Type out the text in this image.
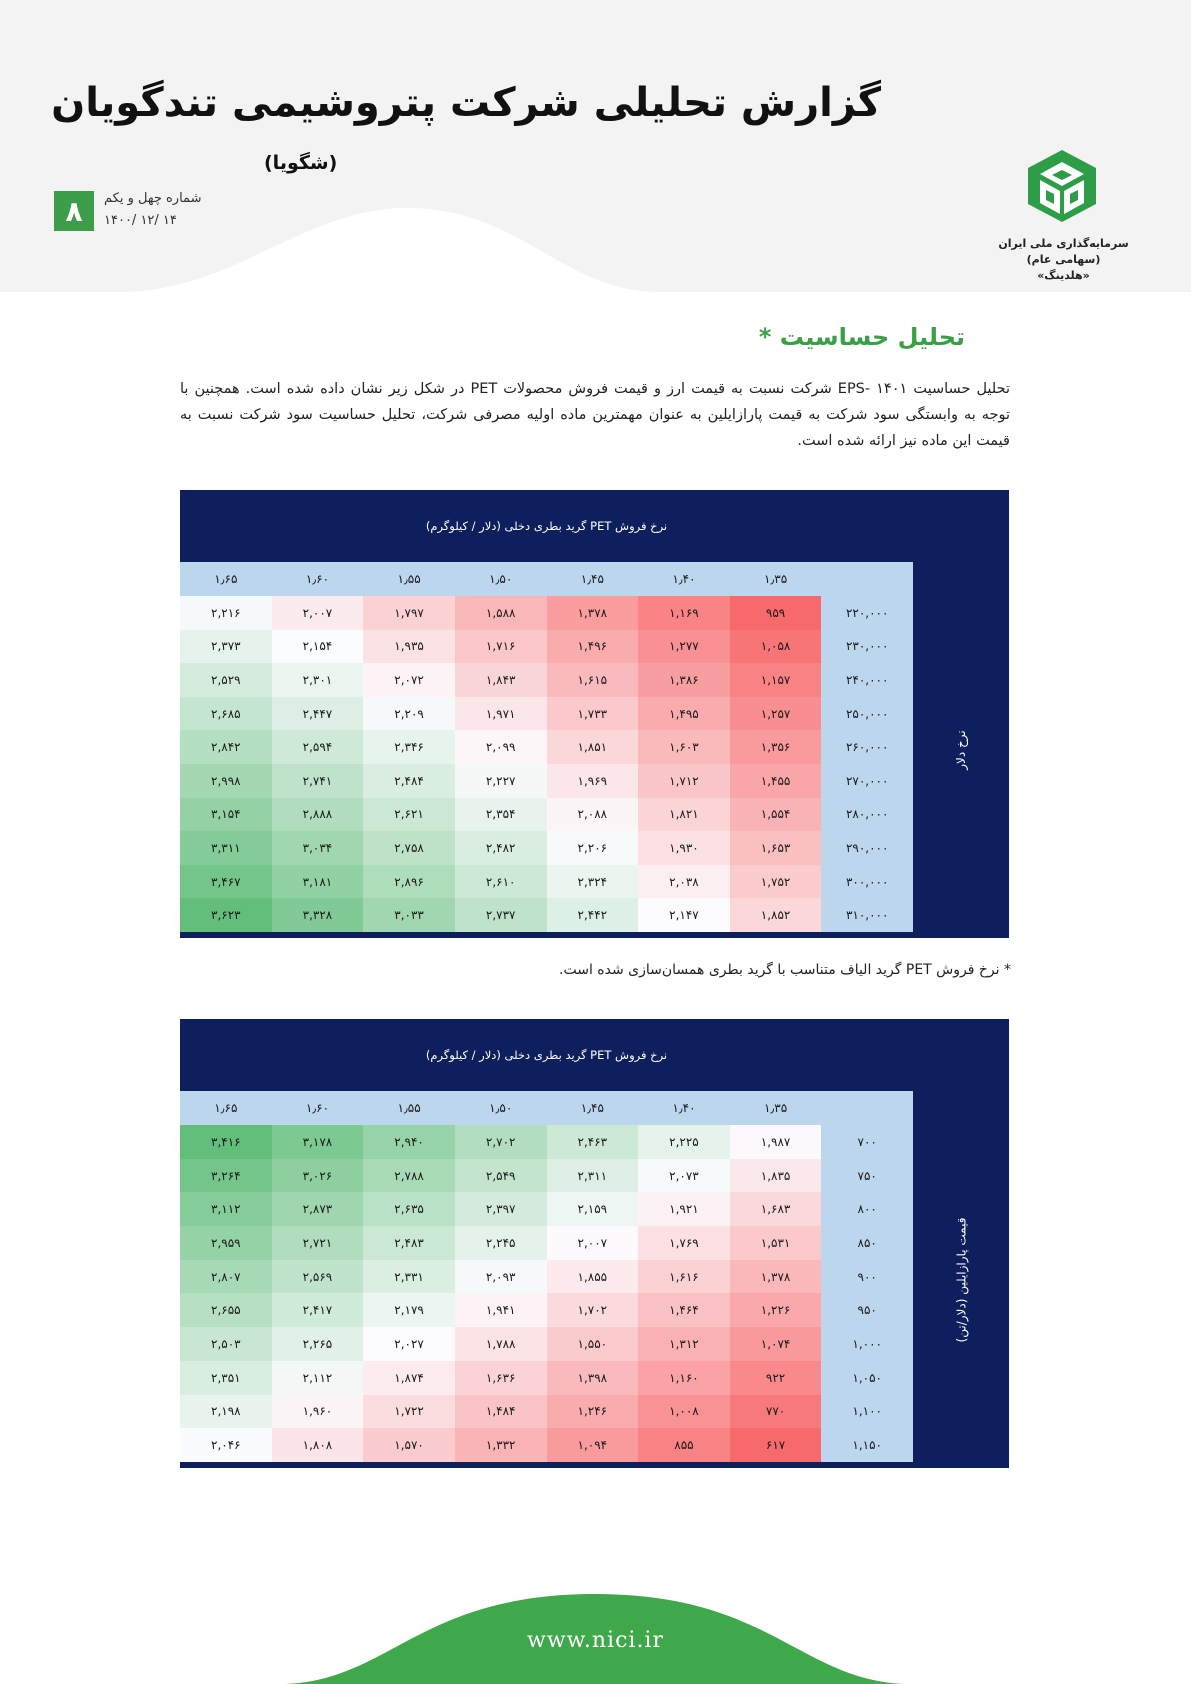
گزارش تحلیلی شرکت پتروشیمی تندگویان
(شگویا)
۸	شماره چهل و یکم
۱۴۰۰/ ۱۲/ ۱۴
سرمایه‌گذاری ملی ایران (سهامی عام)
«هلدینگ»
تحلیل حساسیت *

تحلیل حساسیت EPS- ۱۴۰۱ شرکت نسبت به قیمت ارز و قیمت فروش محصولات PET در شکل زیر نشان داده شده است. همچنین با توجه به وابستگی سود شرکت به قیمت پارازایلین به عنوان مهمترین ماده اولیه مصرفی شرکت، تحلیل حساسیت سود شرکت نسبت به قیمت این ماده نیز ارائه شده است.

نرخ فروش PET گرید بطری دخلی (دلار / کیلوگرم)
نرخ دلار
۱٫۶۵	۱٫۶۰	۱٫۵۵	۱٫۵۰	۱٫۴۵	۱٫۴۰	۱٫۳۵	
۲,۲۱۶	۲,۰۰۷	۱,۷۹۷	۱,۵۸۸	۱,۳۷۸	۱,۱۶۹	۹۵۹	۲۲۰,۰۰۰
۲,۳۷۳	۲,۱۵۴	۱,۹۳۵	۱,۷۱۶	۱,۴۹۶	۱,۲۷۷	۱,۰۵۸	۲۳۰,۰۰۰
۲,۵۲۹	۲,۳۰۱	۲,۰۷۲	۱,۸۴۳	۱,۶۱۵	۱,۳۸۶	۱,۱۵۷	۲۴۰,۰۰۰
۲,۶۸۵	۲,۴۴۷	۲,۲۰۹	۱,۹۷۱	۱,۷۳۳	۱,۴۹۵	۱,۲۵۷	۲۵۰,۰۰۰
۲,۸۴۲	۲,۵۹۴	۲,۳۴۶	۲,۰۹۹	۱,۸۵۱	۱,۶۰۳	۱,۳۵۶	۲۶۰,۰۰۰
۲,۹۹۸	۲,۷۴۱	۲,۴۸۴	۲,۲۲۷	۱,۹۶۹	۱,۷۱۲	۱,۴۵۵	۲۷۰,۰۰۰
۳,۱۵۴	۲,۸۸۸	۲,۶۲۱	۲,۳۵۴	۲,۰۸۸	۱,۸۲۱	۱,۵۵۴	۲۸۰,۰۰۰
۳,۳۱۱	۳,۰۳۴	۲,۷۵۸	۲,۴۸۲	۲,۲۰۶	۱,۹۳۰	۱,۶۵۳	۲۹۰,۰۰۰
۳,۴۶۷	۳,۱۸۱	۲,۸۹۶	۲,۶۱۰	۲,۳۲۴	۲,۰۳۸	۱,۷۵۲	۳۰۰,۰۰۰
۳,۶۲۳	۳,۳۲۸	۳,۰۳۳	۲,۷۳۷	۲,۴۴۲	۲,۱۴۷	۱,۸۵۲	۳۱۰,۰۰۰

* نرخ فروش PET گرید الیاف متناسب با گرید بطری همسان‌سازی شده است.

نرخ فروش PET گرید بطری دخلی (دلار / کیلوگرم)
قیمت پارازایلین (دلار/تن)
۱٫۶۵	۱٫۶۰	۱٫۵۵	۱٫۵۰	۱٫۴۵	۱٫۴۰	۱٫۳۵	
۳,۴۱۶	۳,۱۷۸	۲,۹۴۰	۲,۷۰۲	۲,۴۶۳	۲,۲۲۵	۱,۹۸۷	۷۰۰
۳,۲۶۴	۳,۰۲۶	۲,۷۸۸	۲,۵۴۹	۲,۳۱۱	۲,۰۷۳	۱,۸۳۵	۷۵۰
۳,۱۱۲	۲,۸۷۳	۲,۶۳۵	۲,۳۹۷	۲,۱۵۹	۱,۹۲۱	۱,۶۸۳	۸۰۰
۲,۹۵۹	۲,۷۲۱	۲,۴۸۳	۲,۲۴۵	۲,۰۰۷	۱,۷۶۹	۱,۵۳۱	۸۵۰
۲,۸۰۷	۲,۵۶۹	۲,۳۳۱	۲,۰۹۳	۱,۸۵۵	۱,۶۱۶	۱,۳۷۸	۹۰۰
۲,۶۵۵	۲,۴۱۷	۲,۱۷۹	۱,۹۴۱	۱,۷۰۲	۱,۴۶۴	۱,۲۲۶	۹۵۰
۲,۵۰۳	۲,۲۶۵	۲,۰۲۷	۱,۷۸۸	۱,۵۵۰	۱,۳۱۲	۱,۰۷۴	۱,۰۰۰
۲,۳۵۱	۲,۱۱۲	۱,۸۷۴	۱,۶۳۶	۱,۳۹۸	۱,۱۶۰	۹۲۲	۱,۰۵۰
۲,۱۹۸	۱,۹۶۰	۱,۷۲۲	۱,۴۸۴	۱,۲۴۶	۱,۰۰۸	۷۷۰	۱,۱۰۰
۲,۰۴۶	۱,۸۰۸	۱,۵۷۰	۱,۳۳۲	۱,۰۹۴	۸۵۵	۶۱۷	۱,۱۵۰
www.nici.ir
